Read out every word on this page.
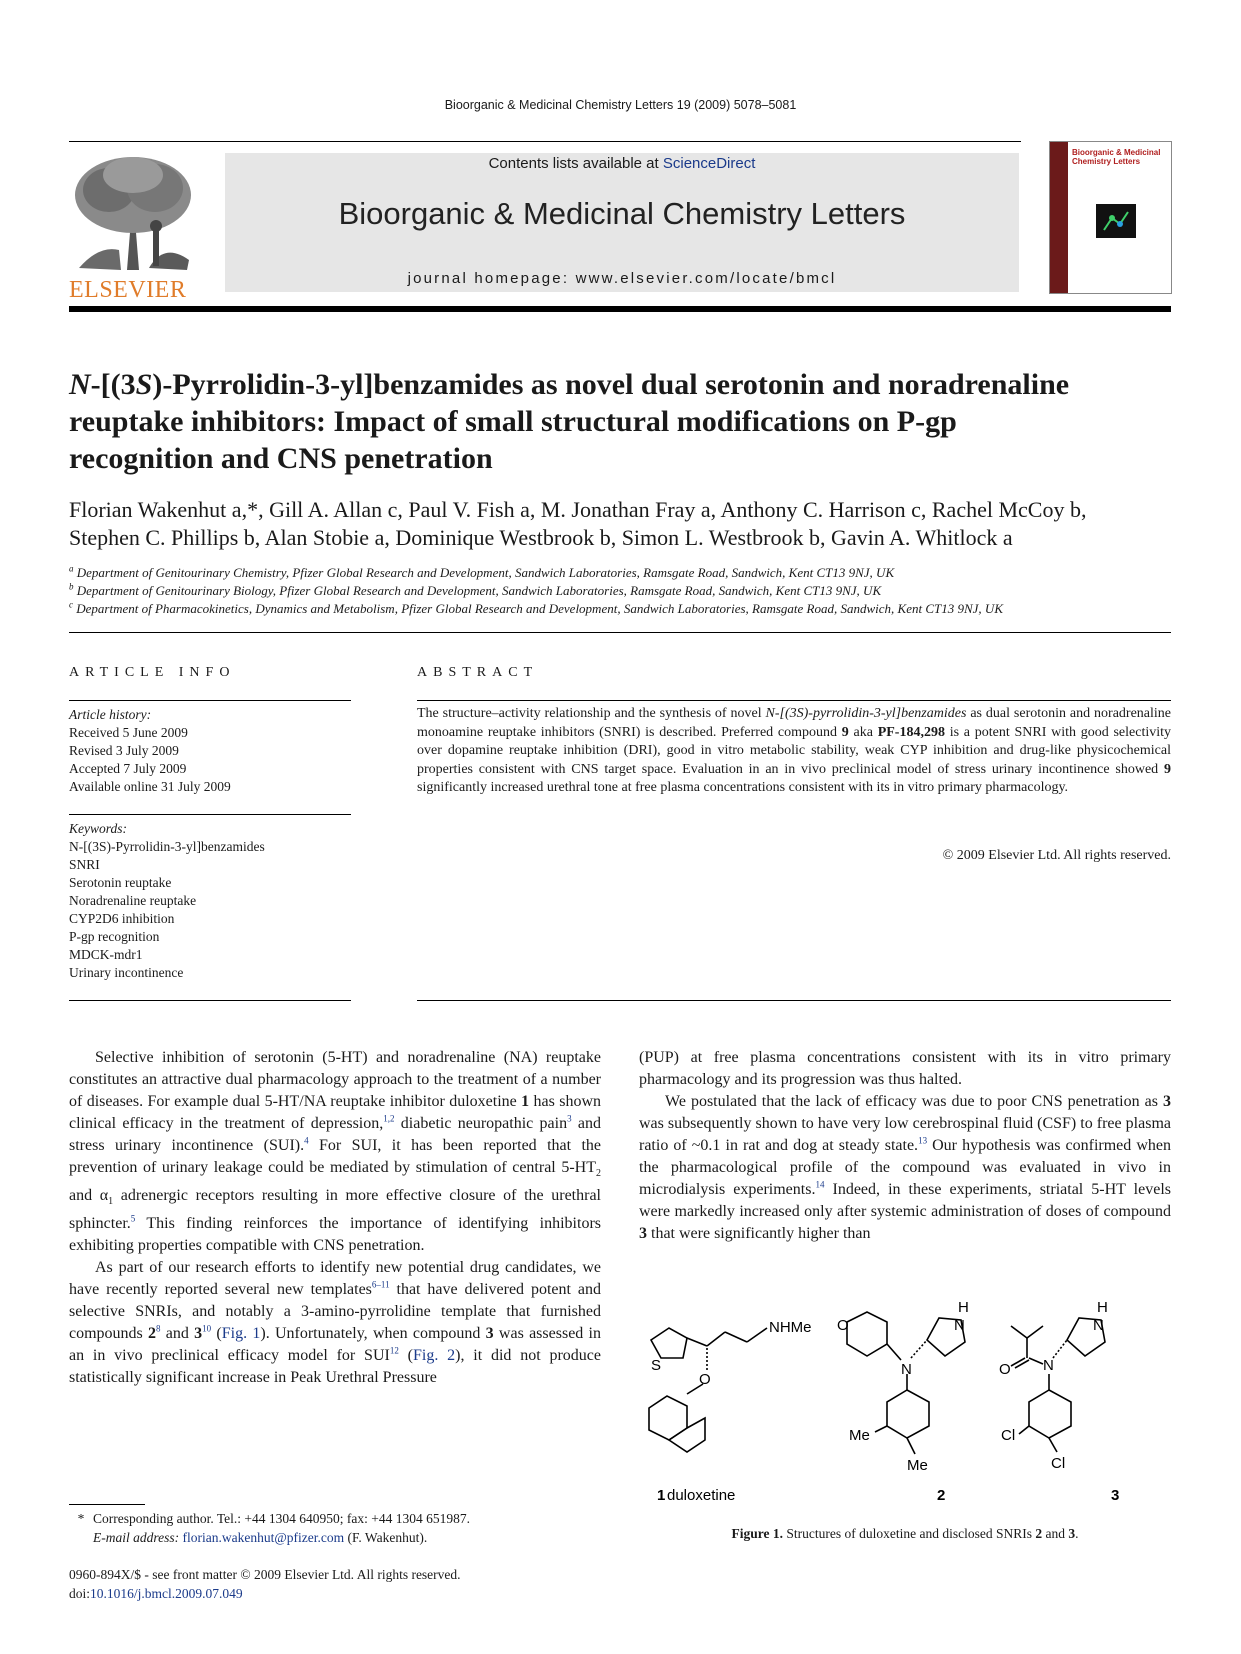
Bioorganic & Medicinal Chemistry Letters 19 (2009) 5078–5081
ELSEVIER
Contents lists available at ScienceDirect
Bioorganic & Medicinal Chemistry Letters
journal homepage: www.elsevier.com/locate/bmcl
Bioorganic & Medicinal
Chemistry Letters
N-[(3S)-Pyrrolidin-3-yl]benzamides as novel dual serotonin and noradrenaline
reuptake inhibitors: Impact of small structural modifications on P-gp
recognition and CNS penetration
Florian Wakenhut a,*, Gill A. Allan c, Paul V. Fish a, M. Jonathan Fray a, Anthony C. Harrison c, Rachel McCoy b,
Stephen C. Phillips b, Alan Stobie a, Dominique Westbrook b, Simon L. Westbrook b, Gavin A. Whitlock a
$^a$ Department of Genitourinary Chemistry, Pfizer Global Research and Development, Sandwich Laboratories, Ramsgate Road, Sandwich, Kent CT13 9NJ, UK
$^b$ Department of Genitourinary Biology, Pfizer Global Research and Development, Sandwich Laboratories, Ramsgate Road, Sandwich, Kent CT13 9NJ, UK
$^c$ Department of Pharmacokinetics, Dynamics and Metabolism, Pfizer Global Research and Development, Sandwich Laboratories, Ramsgate Road, Sandwich, Kent CT13 9NJ, UK
ARTICLE INFO
Article history:
Received 5 June 2009
Revised 3 July 2009
Accepted 7 July 2009
Available online 31 July 2009
Keywords:
N-[(3S)-Pyrrolidin-3-yl]benzamides
SNRI
Serotonin reuptake
Noradrenaline reuptake
CYP2D6 inhibition
P-gp recognition
MDCK-mdr1
Urinary incontinence
ABSTRACT
The structure–activity relationship and the synthesis of novel N-[(3S)-pyrrolidin-3-yl]benzamides as dual serotonin and noradrenaline monoamine reuptake inhibitors (SNRI) is described. Preferred compound 9 aka PF-184,298 is a potent SNRI with good selectivity over dopamine reuptake inhibition (DRI), good in vitro metabolic stability, weak CYP inhibition and drug-like physicochemical properties consistent with CNS target space. Evaluation in an in vivo preclinical model of stress urinary incontinence showed 9 significantly increased urethral tone at free plasma concentrations consistent with its in vitro primary pharmacology.
© 2009 Elsevier Ltd. All rights reserved.

Selective inhibition of serotonin (5-HT) and noradrenaline (NA) reuptake constitutes an attractive dual pharmacology approach to the treatment of a number of diseases. For example dual 5-HT/NA reuptake inhibitor duloxetine 1 has shown clinical efficacy in the treatment of depression,$^{1,2}$ diabetic neuropathic pain$^3$ and stress urinary incontinence (SUI).$^4$ For SUI, it has been reported that the prevention of urinary leakage could be mediated by stimulation of central $5-HT_2$ and $\alpha_1$ adrenergic receptors resulting in more effective closure of the urethral sphincter.$^5$ This finding reinforces the importance of identifying inhibitors exhibiting properties compatible with CNS penetration.

As part of our research efforts to identify new potential drug candidates, we have recently reported several new templates$^{6-11}$ that have delivered potent and selective SNRIs, and notably a 3-amino-pyrrolidine template that furnished compounds $2^8$ and $3^{10}$ (Fig. 1). Unfortunately, when compound 3 was assessed in an in vivo preclinical efficacy model for SUI$^{12}$ (Fig. 2), it did not produce statistically significant increase in Peak Urethral Pressure

(PUP) at free plasma concentrations consistent with its in vitro primary pharmacology and its progression was thus halted.

We postulated that the lack of efficacy was due to poor CNS penetration as 3 was subsequently shown to have very low cerebrospinal fluid (CSF) to free plasma ratio of ~0.1 in rat and dog at steady state.$^{13}$ Our hypothesis was confirmed when the pharmacological profile of the compound was evaluated in vivo in microdialysis experiments.$^{14}$ Indeed, in these experiments, striatal 5-HT levels were markedly increased only after systemic administration of doses of compound 3 that were significantly higher than

NHMe
S
O
O
N
H
N
Me
Me
O N
H
N
Cl
Cl
1 duloxetine	2	3
Figure 1. Structures of duloxetine and disclosed SNRIs 2 and 3.
* Corresponding author. Tel.: +44 1304 640950; fax: +44 1304 651987.
E-mail address: florian.wakenhut@pfizer.com (F. Wakenhut).
0960-894X/$ - see front matter © 2009 Elsevier Ltd. All rights reserved.
doi:10.1016/j.bmcl.2009.07.049
